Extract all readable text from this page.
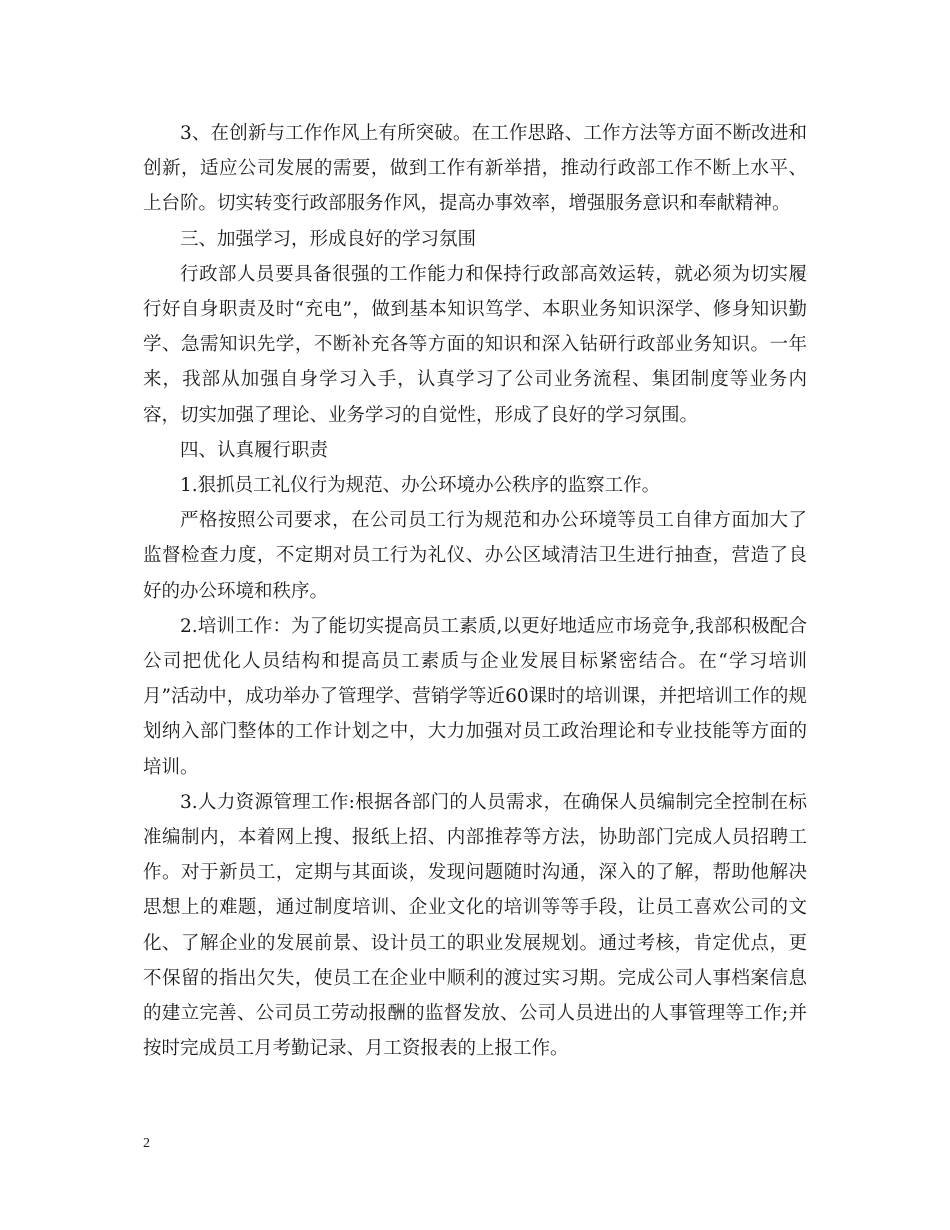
3、在创新与工作作风上有所突破。在工作思路、工作方法等方面不断改进和创新，适应公司发展的需要，做到工作有新举措，推动行政部工作不断上水平、上台阶。切实转变行政部服务作风，提高办事效率，增强服务意识和奉献精神。

三、加强学习，形成良好的学习氛围

行政部人员要具备很强的工作能力和保持行政部高效运转，就必须为切实履行好自身职责及时“充电”，做到基本知识笃学、本职业务知识深学、修身知识勤学、急需知识先学，不断补充各等方面的知识和深入钻研行政部业务知识。一年来，我部从加强自身学习入手，认真学习了公司业务流程、集团制度等业务内容，切实加强了理论、业务学习的自觉性，形成了良好的学习氛围。

四、认真履行职责

1.狠抓员工礼仪行为规范、办公环境办公秩序的监察工作。

严格按照公司要求，在公司员工行为规范和办公环境等员工自律方面加大了监督检查力度，不定期对员工行为礼仪、办公区域清洁卫生进行抽查，营造了良好的办公环境和秩序。

2.培训工作：为了能切实提高员工素质,以更好地适应市场竞争,我部积极配合公司把优化人员结构和提高员工素质与企业发展目标紧密结合。在“学习培训月”活动中，成功举办了管理学、营销学等近60课时的培训课，并把培训工作的规划纳入部门整体的工作计划之中，大力加强对员工政治理论和专业技能等方面的培训。

3.人力资源管理工作:根据各部门的人员需求，在确保人员编制完全控制在标准编制内，本着网上搜、报纸上招、内部推荐等方法，协助部门完成人员招聘工作。对于新员工，定期与其面谈，发现问题随时沟通，深入的了解，帮助他解决思想上的难题，通过制度培训、企业文化的培训等等手段，让员工喜欢公司的文化、了解企业的发展前景、设计员工的职业发展规划。通过考核，肯定优点，更不保留的指出欠失，使员工在企业中顺利的渡过实习期。完成公司人事档案信息的建立完善、公司员工劳动报酬的监督发放、公司人员进出的人事管理等工作;并按时完成员工月考勤记录、月工资报表的上报工作。

2
